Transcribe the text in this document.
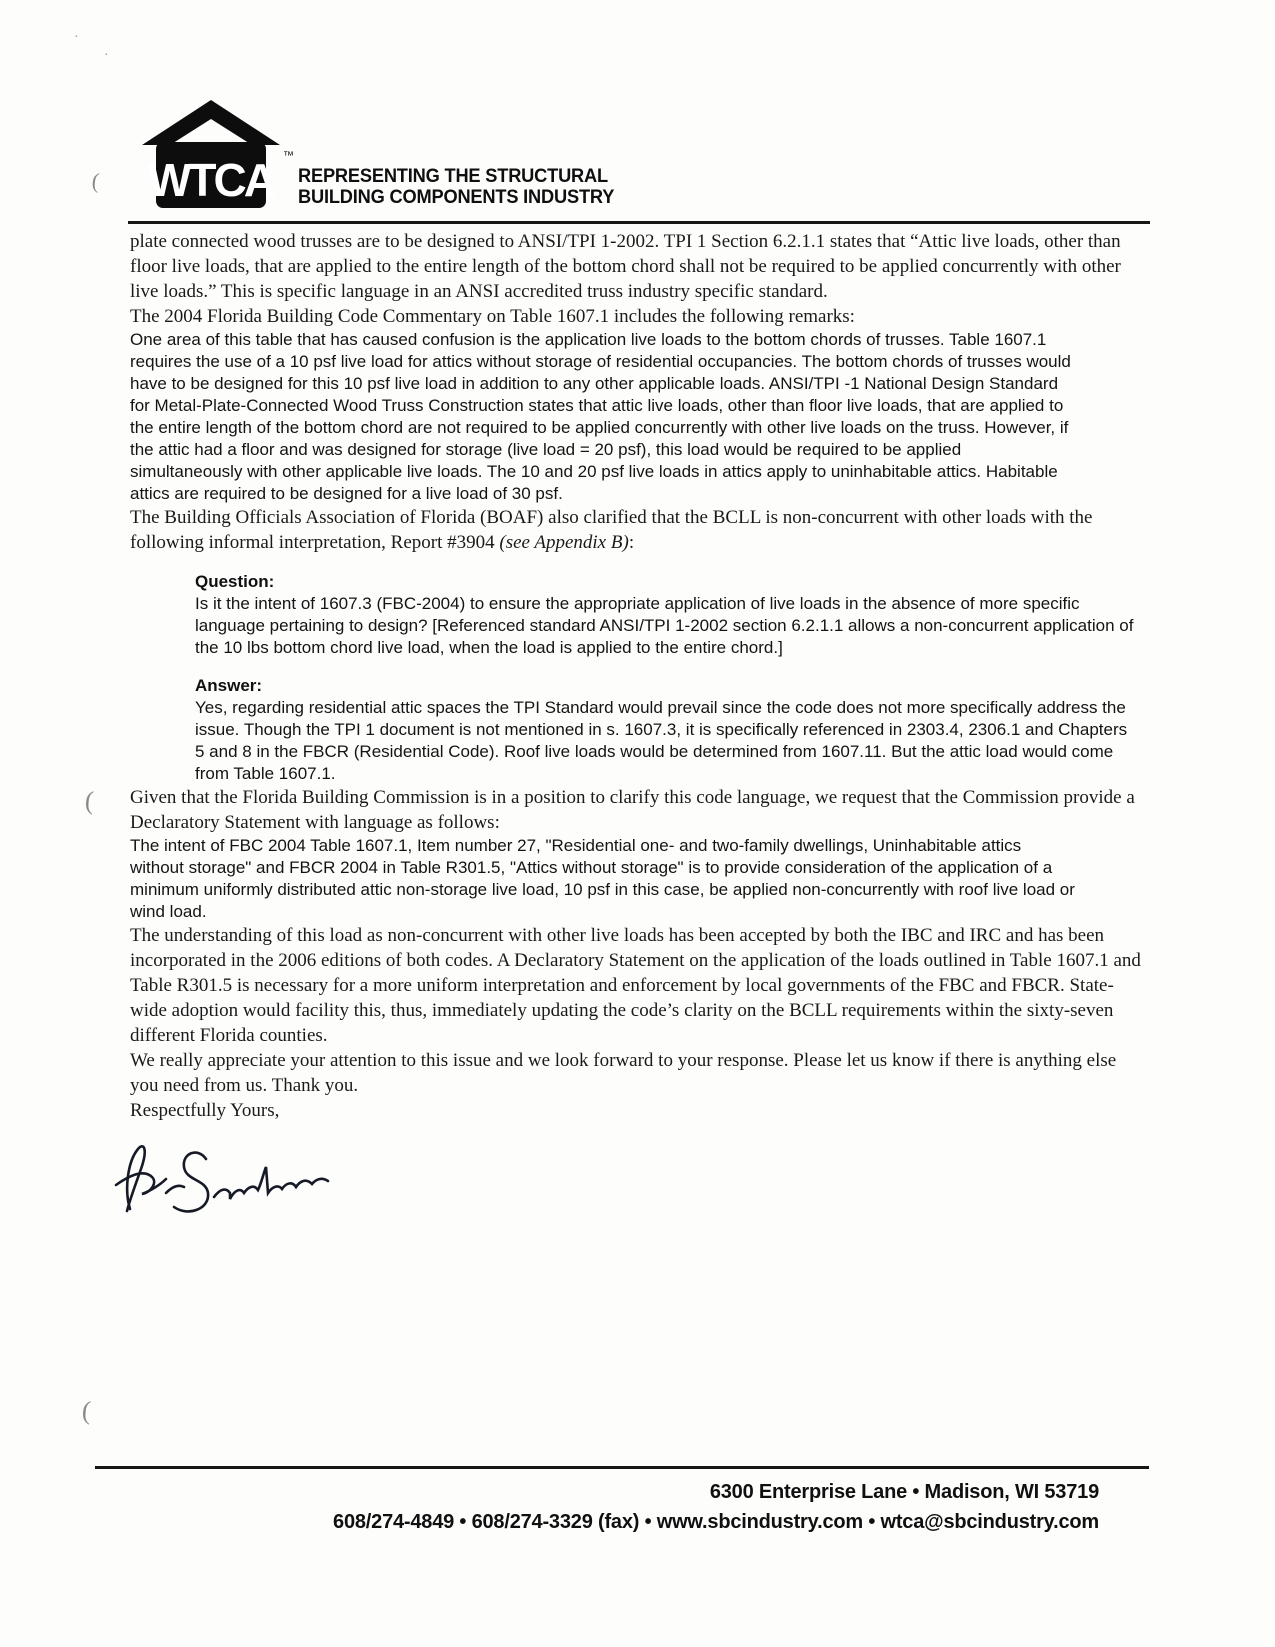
WTCA ™
REPRESENTING THE STRUCTURAL
BUILDING COMPONENTS INDUSTRY

plate connected wood trusses are to be designed to ANSI/TPI 1-2002. TPI 1 Section 6.2.1.1 states that “Attic live loads, other than floor live loads, that are applied to the entire length of the bottom chord shall not be required to be applied concurrently with other live loads.” This is specific language in an ANSI accredited truss industry specific standard.

The 2004 Florida Building Code Commentary on Table 1607.1 includes the following remarks:

One area of this table that has caused confusion is the application live loads to the bottom chords of trusses. Table 1607.1 requires the use of a 10 psf live load for attics without storage of residential occupancies. The bottom chords of trusses would have to be designed for this 10 psf live load in addition to any other applicable loads. ANSI/TPI -1 National Design Standard for Metal-Plate-Connected Wood Truss Construction states that attic live loads, other than floor live loads, that are applied to the entire length of the bottom chord are not required to be applied concurrently with other live loads on the truss. However, if the attic had a floor and was designed for storage (live load = 20 psf), this load would be required to be applied simultaneously with other applicable live loads. The 10 and 20 psf live loads in attics apply to uninhabitable attics. Habitable attics are required to be designed for a live load of 30 psf.

The Building Officials Association of Florida (BOAF) also clarified that the BCLL is non-concurrent with other loads with the following informal interpretation, Report #3904 (see Appendix B):

Question:

Is it the intent of 1607.3 (FBC-2004) to ensure the appropriate application of live loads in the absence of more specific language pertaining to design? [Referenced standard ANSI/TPI 1-2002 section 6.2.1.1 allows a non-concurrent application of the 10 lbs bottom chord live load, when the load is applied to the entire chord.]

Answer:

Yes, regarding residential attic spaces the TPI Standard would prevail since the code does not more specifically address the issue. Though the TPI 1 document is not mentioned in s. 1607.3, it is specifically referenced in 2303.4, 2306.1 and Chapters 5 and 8 in the FBCR (Residential Code). Roof live loads would be determined from 1607.11. But the attic load would come from Table 1607.1.

Given that the Florida Building Commission is in a position to clarify this code language, we request that the Commission provide a Declaratory Statement with language as follows:

The intent of FBC 2004 Table 1607.1, Item number 27, "Residential one- and two-family dwellings, Uninhabitable attics without storage" and FBCR 2004 in Table R301.5, "Attics without storage" is to provide consideration of the application of a minimum uniformly distributed attic non-storage live load, 10 psf in this case, be applied non-concurrently with roof live load or wind load.

The understanding of this load as non-concurrent with other live loads has been accepted by both the IBC and IRC and has been incorporated in the 2006 editions of both codes. A Declaratory Statement on the application of the loads outlined in Table 1607.1 and Table R301.5 is necessary for a more uniform interpretation and enforcement by local governments of the FBC and FBCR. State-wide adoption would facility this, thus, immediately updating the code’s clarity on the BCLL requirements within the sixty-seven different Florida counties.

We really appreciate your attention to this issue and we look forward to your response. Please let us know if there is anything else you need from us. Thank you.

Respectfully Yours,

6300 Enterprise Lane • Madison, WI 53719
608/274-4849 • 608/274-3329 (fax) • www.sbcindustry.com • wtca@sbcindustry.com
(
(
(
·
·
